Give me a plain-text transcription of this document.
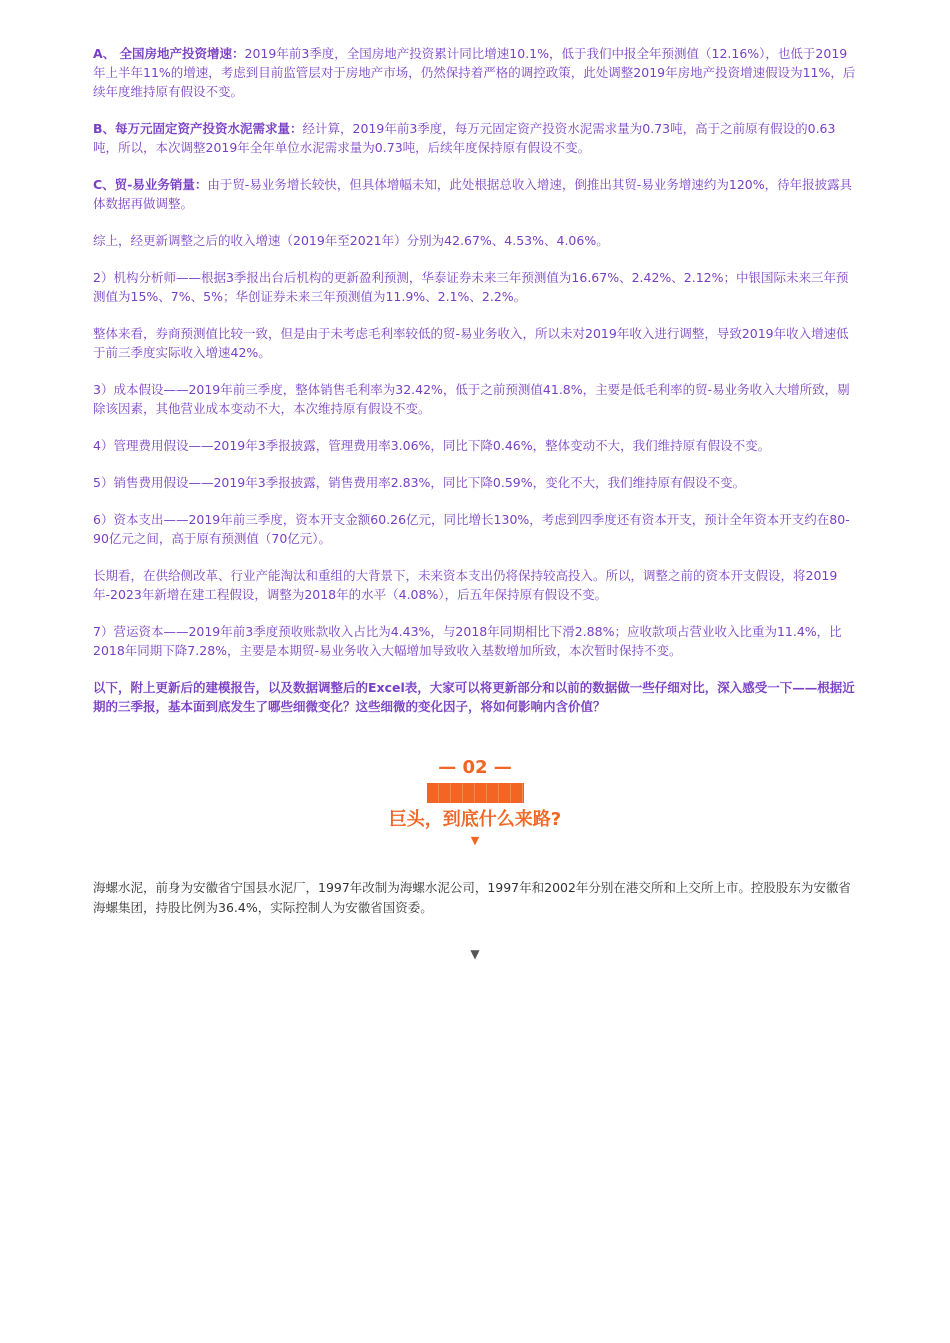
A、 全国房地产投资增速：2019年前3季度，全国房地产投资累计同比增速10.1%，低于我们中报全年预测值（12.16%），也低于2019年上半年11%的增速，考虑到目前监管层对于房地产市场，仍然保持着严格的调控政策，此处调整2019年房地产投资增速假设为11%，后续年度维持原有假设不变。

B、每万元固定资产投资水泥需求量：经计算，2019年前3季度，每万元固定资产投资水泥需求量为0.73吨，高于之前原有假设的0.63吨，所以，本次调整2019年全年单位水泥需求量为0.73吨，后续年度保持原有假设不变。

C、贸-易业务销量：由于贸-易业务增长较快，但具体增幅未知，此处根据总收入增速，倒推出其贸-易业务增速约为120%，待年报披露具体数据再做调整。

综上，经更新调整之后的收入增速（2019年至2021年）分别为42.67%、4.53%、4.06%。

2）机构分析师——根据3季报出台后机构的更新盈利预测，华泰证券未来三年预测值为16.67%、2.42%、2.12%；中银国际未来三年预测值为15%、7%、5%；华创证券未来三年预测值为11.9%、2.1%、2.2%。

整体来看，券商预测值比较一致，但是由于未考虑毛利率较低的贸-易业务收入，所以未对2019年收入进行调整，导致2019年收入增速低于前三季度实际收入增速42%。

3）成本假设——2019年前三季度，整体销售毛利率为32.42%，低于之前预测值41.8%，主要是低毛利率的贸-易业务收入大增所致，剔除该因素，其他营业成本变动不大，本次维持原有假设不变。

4）管理费用假设——2019年3季报披露，管理费用率3.06%，同比下降0.46%，整体变动不大，我们维持原有假设不变。

5）销售费用假设——2019年3季报披露，销售费用率2.83%，同比下降0.59%，变化不大，我们维持原有假设不变。

6）资本支出——2019年前三季度，资本开支金额60.26亿元，同比增长130%，考虑到四季度还有资本开支，预计全年资本开支约在80-90亿元之间，高于原有预测值（70亿元）。

长期看，在供给侧改革、行业产能淘汰和重组的大背景下，未来资本支出仍将保持较高投入。所以，调整之前的资本开支假设，将2019年-2023年新增在建工程假设，调整为2018年的水平（4.08%），后五年保持原有假设不变。

7）营运资本——2019年前3季度预收账款收入占比为4.43%，与2018年同期相比下滑2.88%；应收款项占营业收入比重为11.4%，比2018年同期下降7.28%，主要是本期贸-易业务收入大幅增加导致收入基数增加所致，本次暂时保持不变。

以下，附上更新后的建模报告，以及数据调整后的Excel表，大家可以将更新部分和以前的数据做一些仔细对比，深入感受一下——根据近期的三季报，基本面到底发生了哪些细微变化？这些细微的变化因子，将如何影响内含价值？

— 02 —
巨头，到底什么来路?
▼

海螺水泥，前身为安徽省宁国县水泥厂，1997年改制为海螺水泥公司，1997年和2002年分别在港交所和上交所上市。控股股东为安徽省海螺集团，持股比例为36.4%，实际控制人为安徽省国资委。

▼
